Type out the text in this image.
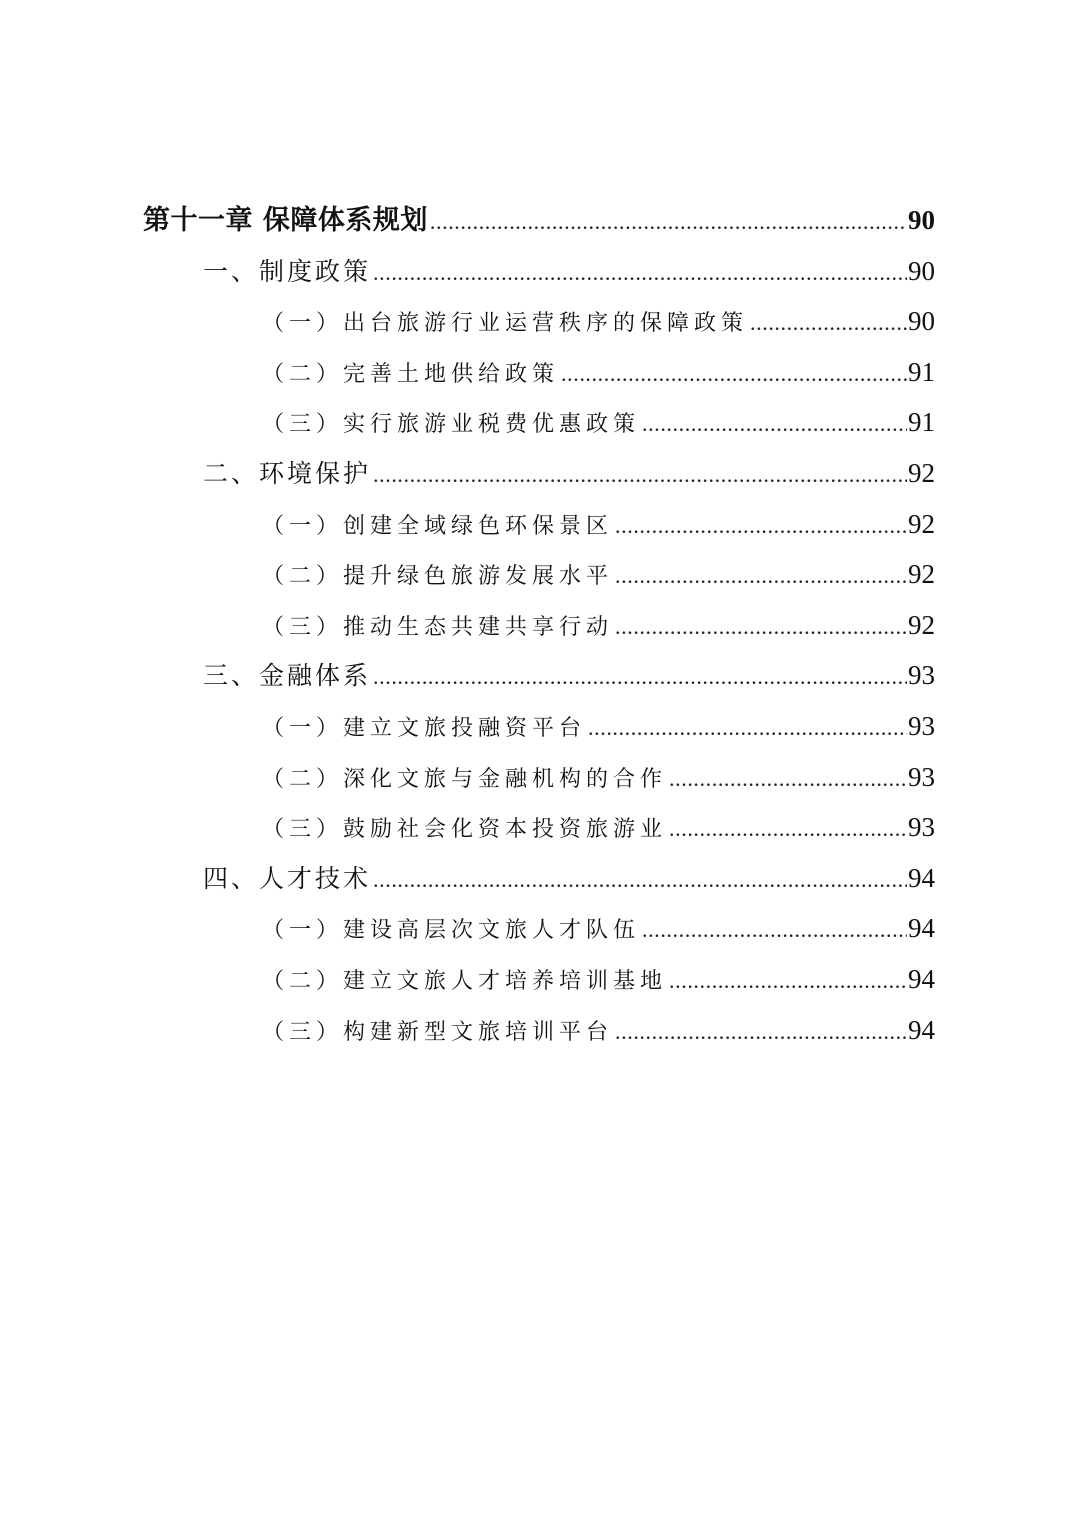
第十一章 保障体系规划 .....	90
一、制度政策 .....	90
（一）出台旅游行业运营秩序的保障政策 .....	90
（二）完善土地供给政策 .....	91
（三）实行旅游业税费优惠政策 .....	91
二、环境保护 .....	92
（一）创建全域绿色环保景区 .....	92
（二）提升绿色旅游发展水平 .....	92
（三）推动生态共建共享行动 .....	92
三、金融体系 .....	93
（一）建立文旅投融资平台 .....	93
（二）深化文旅与金融机构的合作 .....	93
（三）鼓励社会化资本投资旅游业 .....	93
四、人才技术 .....	94
（一）建设高层次文旅人才队伍 .....	94
（二）建立文旅人才培养培训基地 .....	94
（三）构建新型文旅培训平台 .....	94
